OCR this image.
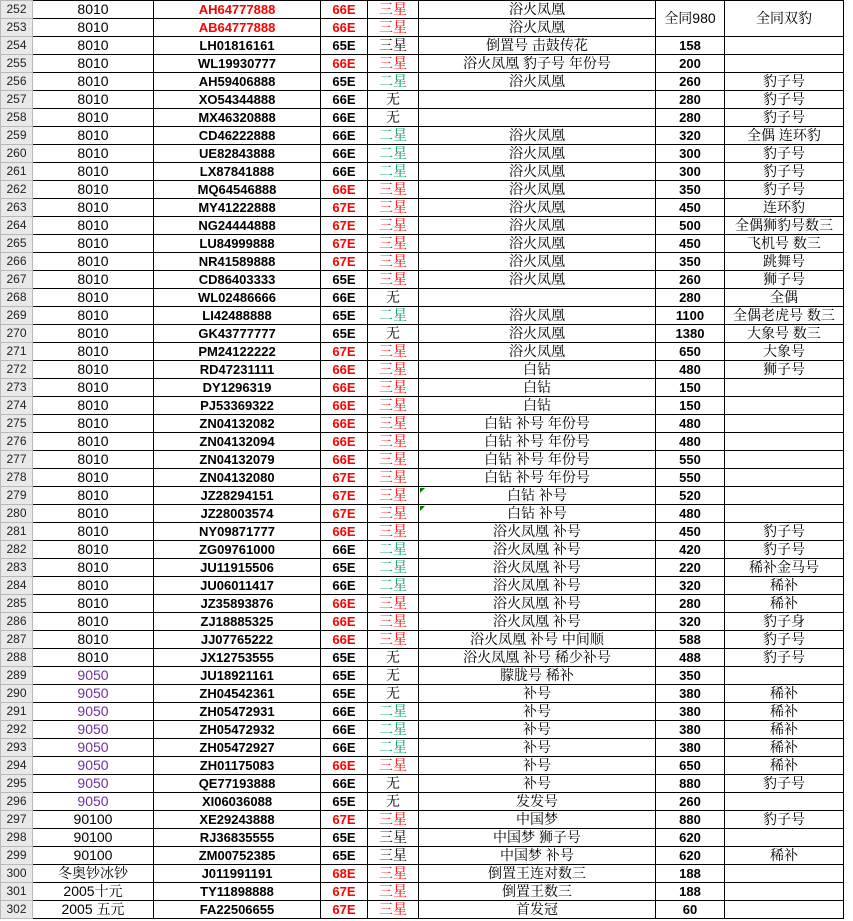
252	8010	AH64777888	66E	三星	浴火凤凰	全同980	全同双豹
253	8010	AB64777888	66E	三星	浴火凤凰		
254	8010	LH01816161	65E	三星	倒置号 击鼓传花	158	
255	8010	WL19930777	66E	三星	浴火凤凰 豹子号 年份号	200	
256	8010	AH59406888	65E	二星	浴火凤凰	260	豹子号
257	8010	XO54344888	66E	无		280	豹子号
258	8010	MX46320888	66E	无		280	豹子号
259	8010	CD46222888	66E	二星	浴火凤凰	320	全偶 连环豹
260	8010	UE82843888	66E	二星	浴火凤凰	300	豹子号
261	8010	LX87841888	66E	二星	浴火凤凰	300	豹子号
262	8010	MQ64546888	66E	三星	浴火凤凰	350	豹子号
263	8010	MY41222888	67E	三星	浴火凤凰	450	连环豹
264	8010	NG24444888	67E	三星	浴火凤凰	500	全偶狮豹号数三
265	8010	LU84999888	67E	三星	浴火凤凰	450	飞机号 数三
266	8010	NR41589888	67E	三星	浴火凤凰	350	跳舞号
267	8010	CD86403333	65E	三星	浴火凤凰	260	狮子号
268	8010	WL02486666	66E	无		280	全偶
269	8010	LI42488888	65E	二星	浴火凤凰	1100	全偶老虎号 数三
270	8010	GK43777777	65E	无	浴火凤凰	1380	大象号 数三
271	8010	PM24122222	67E	三星	浴火凤凰	650	大象号
272	8010	RD47231111	66E	三星	白钻	480	狮子号
273	8010	DY1296319	66E	三星	白钻	150	
274	8010	PJ53369322	66E	三星	白钻	150	
275	8010	ZN04132082	66E	三星	白钻 补号 年份号	480	
276	8010	ZN04132094	66E	三星	白钻 补号 年份号	480	
277	8010	ZN04132079	66E	三星	白钻 补号 年份号	550	
278	8010	ZN04132080	67E	三星	白钻 补号 年份号	550	
279	8010	JZ28294151	67E	三星	白钻 补号	520	
280	8010	JZ28003574	67E	三星	白钻 补号	480	
281	8010	NY09871777	66E	三星	浴火凤凰 补号	450	豹子号
282	8010	ZG09761000	66E	二星	浴火凤凰 补号	420	豹子号
283	8010	JU11915506	65E	二星	浴火凤凰 补号	220	稀补金马号
284	8010	JU06011417	66E	二星	浴火凤凰 补号	320	稀补
285	8010	JZ35893876	66E	三星	浴火凤凰 补号	280	稀补
286	8010	ZJ18885325	66E	三星	浴火凤凰 补号	320	豹子身
287	8010	JJ07765222	66E	三星	浴火凤凰 补号 中间顺	588	豹子号
288	8010	JX12753555	65E	无	浴火凤凰 补号 稀少补号	488	豹子号
289	9050	JU18921161	65E	无	朦胧号 稀补	350	
290	9050	ZH04542361	65E	无	补号	380	稀补
291	9050	ZH05472931	66E	二星	补号	380	稀补
292	9050	ZH05472932	66E	二星	补号	380	稀补
293	9050	ZH05472927	66E	二星	补号	380	稀补
294	9050	ZH01175083	66E	三星	补号	650	稀补
295	9050	QE77193888	66E	无	补号	880	豹子号
296	9050	XI06036088	65E	无	发发号	260	
297	90100	XE29243888	67E	三星	中国梦	880	豹子号
298	90100	RJ36835555	65E	三星	中国梦 狮子号	620	
299	90100	ZM00752385	65E	三星	中国梦 补号	620	稀补
300	冬奥钞冰钞	J011991191	68E	三星	倒置王连对数三	188	
301	2005十元	TY11898888	67E	三星	倒置王数三	188	
302	2005 五元	FA22506655	67E	三星	首发冠	60	
